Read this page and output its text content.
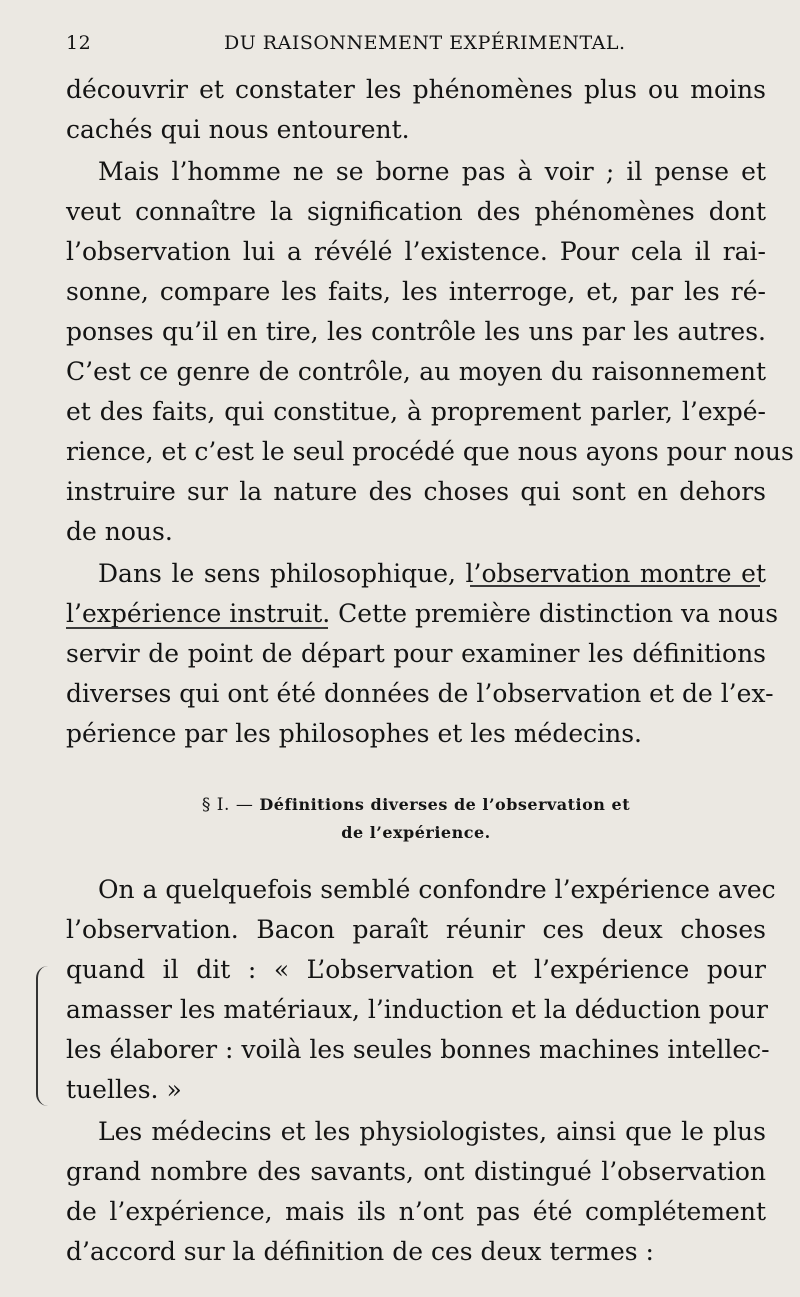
12	DU RAISONNEMENT EXPÉRIMENTAL.
découvrir et constater les phénomènes plus ou moins
cachés qui nous entourent.
Mais l’homme ne se borne pas à voir ; il pense et
veut connaître la signification des phénomènes dont
l’observation lui a révélé l’existence. Pour cela il rai-
sonne, compare les faits, les interroge, et, par les ré-
ponses qu’il en tire, les contrôle les uns par les autres.
C’est ce genre de contrôle, au moyen du raisonnement
et des faits, qui constitue, à proprement parler, l’expé-
rience, et c’est le seul procédé que nous ayons pour nous
instruire sur la nature des choses qui sont en dehors
de nous.
Dans le sens philosophique, l’observation montre et
l’expérience instruit. Cette première distinction va nous
servir de point de départ pour examiner les définitions
diverses qui ont été données de l’observation et de l’ex-
périence par les philosophes et les médecins.
§ I. — Définitions diverses de l’observation et
de l’expérience.
On a quelquefois semblé confondre l’expérience avec
l’observation. Bacon paraît réunir ces deux choses
quand il dit : « L’observation et l’expérience pour
amasser les matériaux, l’induction et la déduction pour
les élaborer : voilà les seules bonnes machines intellec-
tuelles. »
Les médecins et les physiologistes, ainsi que le plus
grand nombre des savants, ont distingué l’observation
de l’expérience, mais ils n’ont pas été complétement
d’accord sur la définition de ces deux termes :
